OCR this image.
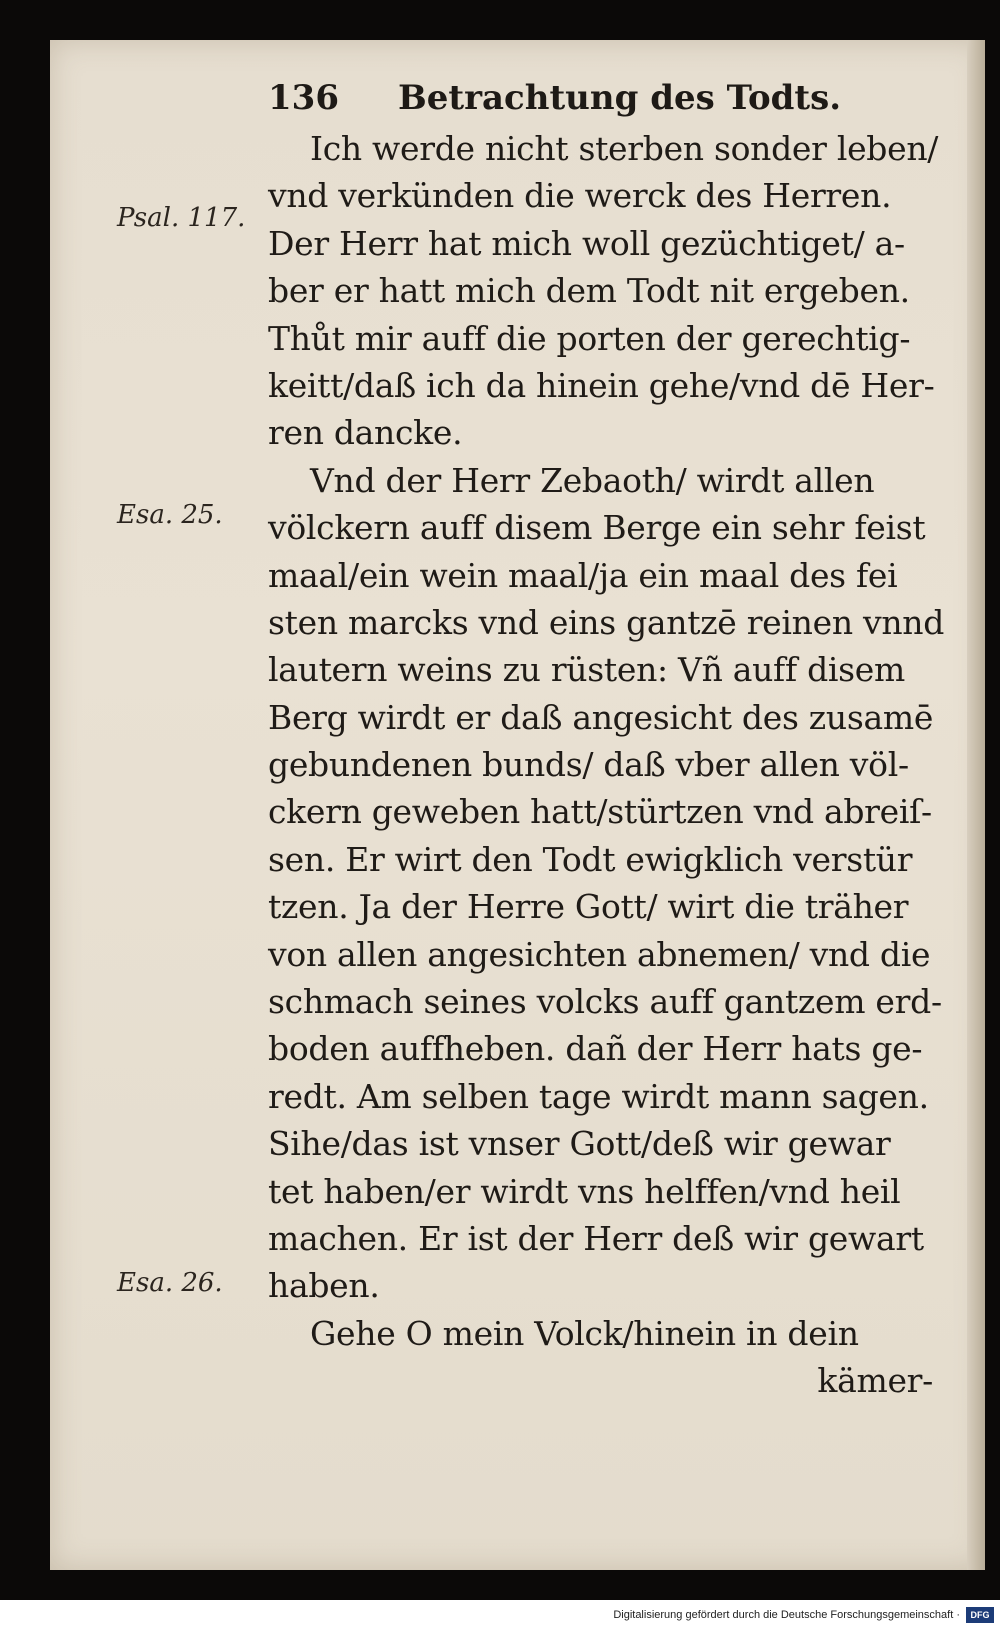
136 Betrachtung des Todts.
Psal. 117.
Esa. 25.
Esa. 26.
Ich werde nicht sterben sonder leben/
vnd verkünden die werck des Herren.
Der Herr hat mich woll gezüchtiget/ a-
ber er hatt mich dem Todt nit ergeben.
Thůt mir auff die porten der gerechtig-
keitt/daß ich da hinein gehe/vnd dē Her-
ren dancke.
Vnd der Herr Zebaoth/ wirdt allen
völckern auff disem Berge ein sehr feist
maal/ein wein maal/ja ein maal des fei
sten marcks vnd eins gantzē reinen vnnd
lautern weins zu rüsten: Vñ auff disem
Berg wirdt er daß angesicht des zusamē
gebundenen bunds/ daß vber allen völ-
ckern geweben hatt/stürtzen vnd abreiſ-
sen. Er wirt den Todt ewigklich verstür
tzen. Ja der Herre Gott/ wirt die träher
von allen angesichten abnemen/ vnd die
schmach seines volcks auff gantzem erd-
boden auffheben. dañ der Herr hats ge-
redt. Am selben tage wirdt mann sagen.
Sihe/das ist vnser Gott/deß wir gewar
tet haben/er wirdt vns helffen/vnd heil
machen. Er ist der Herr deß wir gewart
haben.
Gehe O mein Volck/hinein in dein
kämer-
Digitalisierung gefördert durch die Deutsche Forschungsgemeinschaft ·	DFG
